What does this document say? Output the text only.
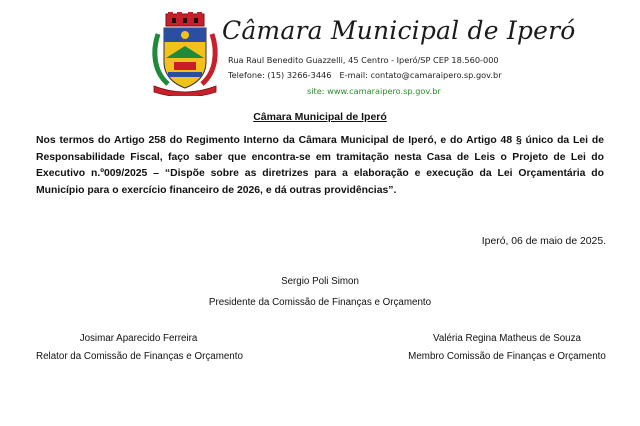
Câmara Municipal de Iperó
Rua Raul Benedito Guazzelli, 45 Centro - Iperó/SP CEP 18.560-000
Telefone: (15) 3266-3446 E-mail: contato@camaraipero.sp.gov.br
site: www.camaraipero.sp.gov.br
Câmara Municipal de Iperó
Nos termos do Artigo 258 do Regimento Interno da Câmara Municipal de Iperó, e do Artigo 48 § único da Lei de Responsabilidade Fiscal, faço saber que encontra-se em tramitação nesta Casa de Leis o Projeto de Lei do Executivo n.º009/2025 – “Dispõe sobre as diretrizes para a elaboração e execução da Lei Orçamentária do Município para o exercício financeiro de 2026, e dá outras providências”.
Iperó, 06 de maio de 2025.
Sergio Poli Simon
Presidente da Comissão de Finanças e Orçamento
Josimar Aparecido Ferreira
Relator da Comissão de Finanças e Orçamento
Valéria Regina Matheus de Souza
Membro Comissão de Finanças e Orçamento
